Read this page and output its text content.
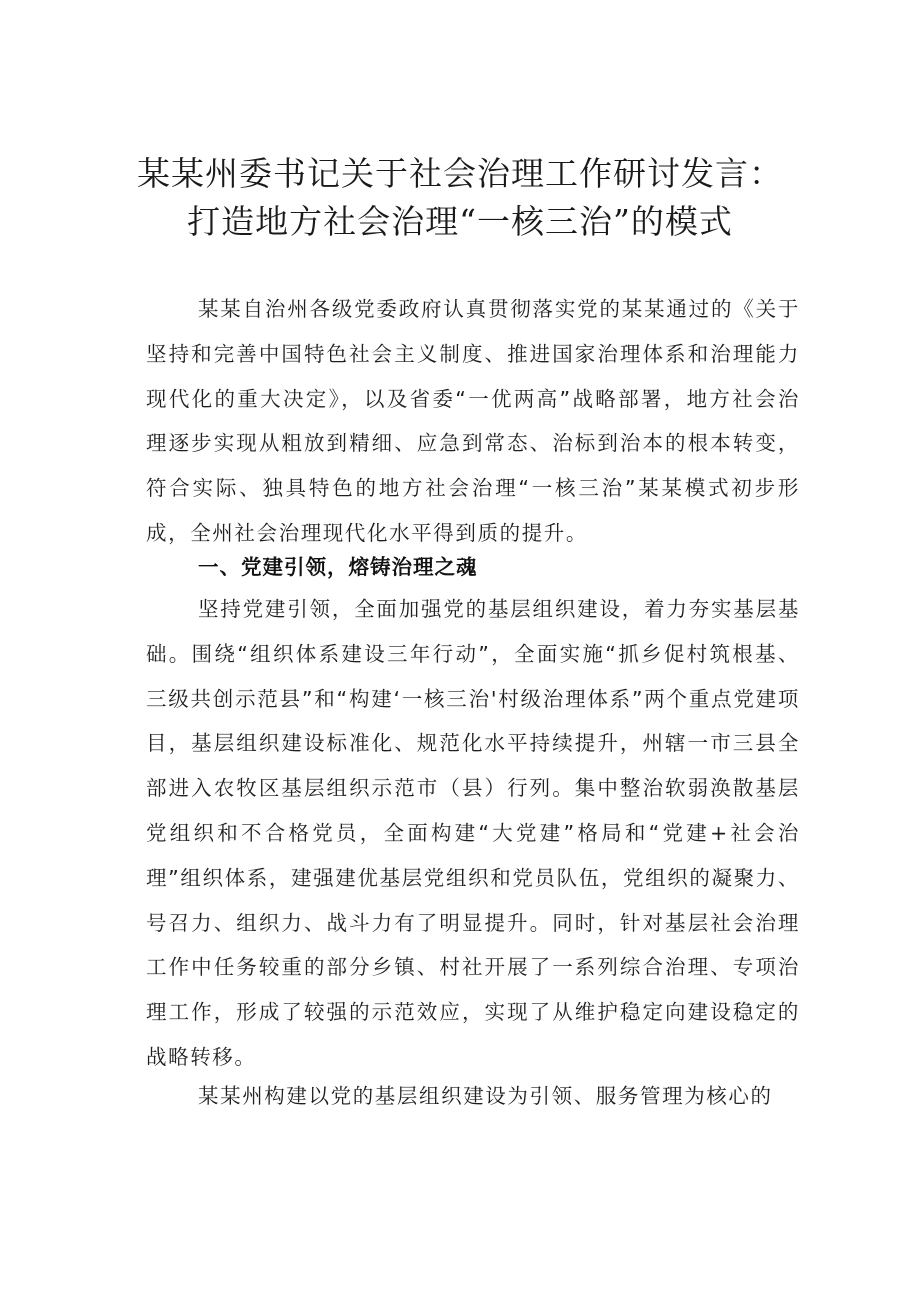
某某州委书记关于社会治理工作研讨发言：
打造地方社会治理“一核三治”的模式

某某自治州各级党委政府认真贯彻落实党的某某通过的《关于坚持和完善中国特色社会主义制度、推进国家治理体系和治理能力现代化的重大决定》，以及省委“一优两高”战略部署，地方社会治理逐步实现从粗放到精细、应急到常态、治标到治本的根本转变，符合实际、独具特色的地方社会治理“一核三治”某某模式初步形成，全州社会治理现代化水平得到质的提升。

一、党建引领，熔铸治理之魂

坚持党建引领，全面加强党的基层组织建设，着力夯实基层基础。围绕“组织体系建设三年行动”，全面实施“抓乡促村筑根基、三级共创示范县”和“构建‘一核三治'村级治理体系”两个重点党建项目，基层组织建设标准化、规范化水平持续提升，州辖一市三县全部进入农牧区基层组织示范市（县）行列。集中整治软弱涣散基层党组织和不合格党员，全面构建“大党建”格局和“党建+社会治理”组织体系，建强建优基层党组织和党员队伍，党组织的凝聚力、号召力、组织力、战斗力有了明显提升。同时，针对基层社会治理工作中任务较重的部分乡镇、村社开展了一系列综合治理、专项治理工作，形成了较强的示范效应，实现了从维护稳定向建设稳定的战略转移。

某某州构建以党的基层组织建设为引领、服务管理为核心的
